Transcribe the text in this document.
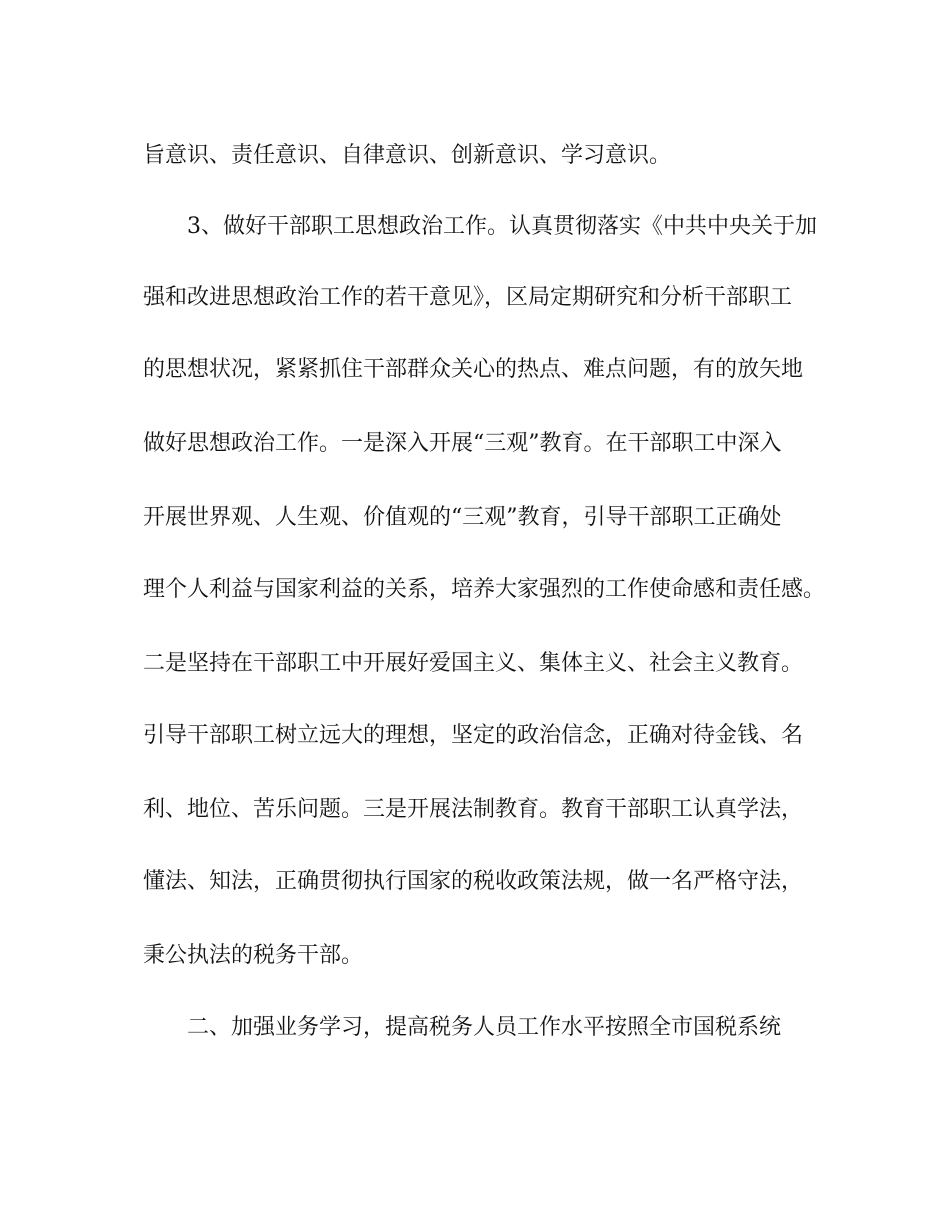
旨意识、责任意识、自律意识、创新意识、学习意识。

3、做好干部职工思想政治工作。认真贯彻落实《中共中央关于加

强和改进思想政治工作的若干意见》，区局定期研究和分析干部职工

的思想状况，紧紧抓住干部群众关心的热点、难点问题，有的放矢地

做好思想政治工作。一是深入开展“三观”教育。在干部职工中深入

开展世界观、人生观、价值观的“三观”教育，引导干部职工正确处

理个人利益与国家利益的关系，培养大家强烈的工作使命感和责任感。

二是坚持在干部职工中开展好爱国主义、集体主义、社会主义教育。

引导干部职工树立远大的理想，坚定的政治信念，正确对待金钱、名

利、地位、苦乐问题。三是开展法制教育。教育干部职工认真学法，

懂法、知法，正确贯彻执行国家的税收政策法规，做一名严格守法，

秉公执法的税务干部。

二、加强业务学习，提高税务人员工作水平按照全市国税系统
